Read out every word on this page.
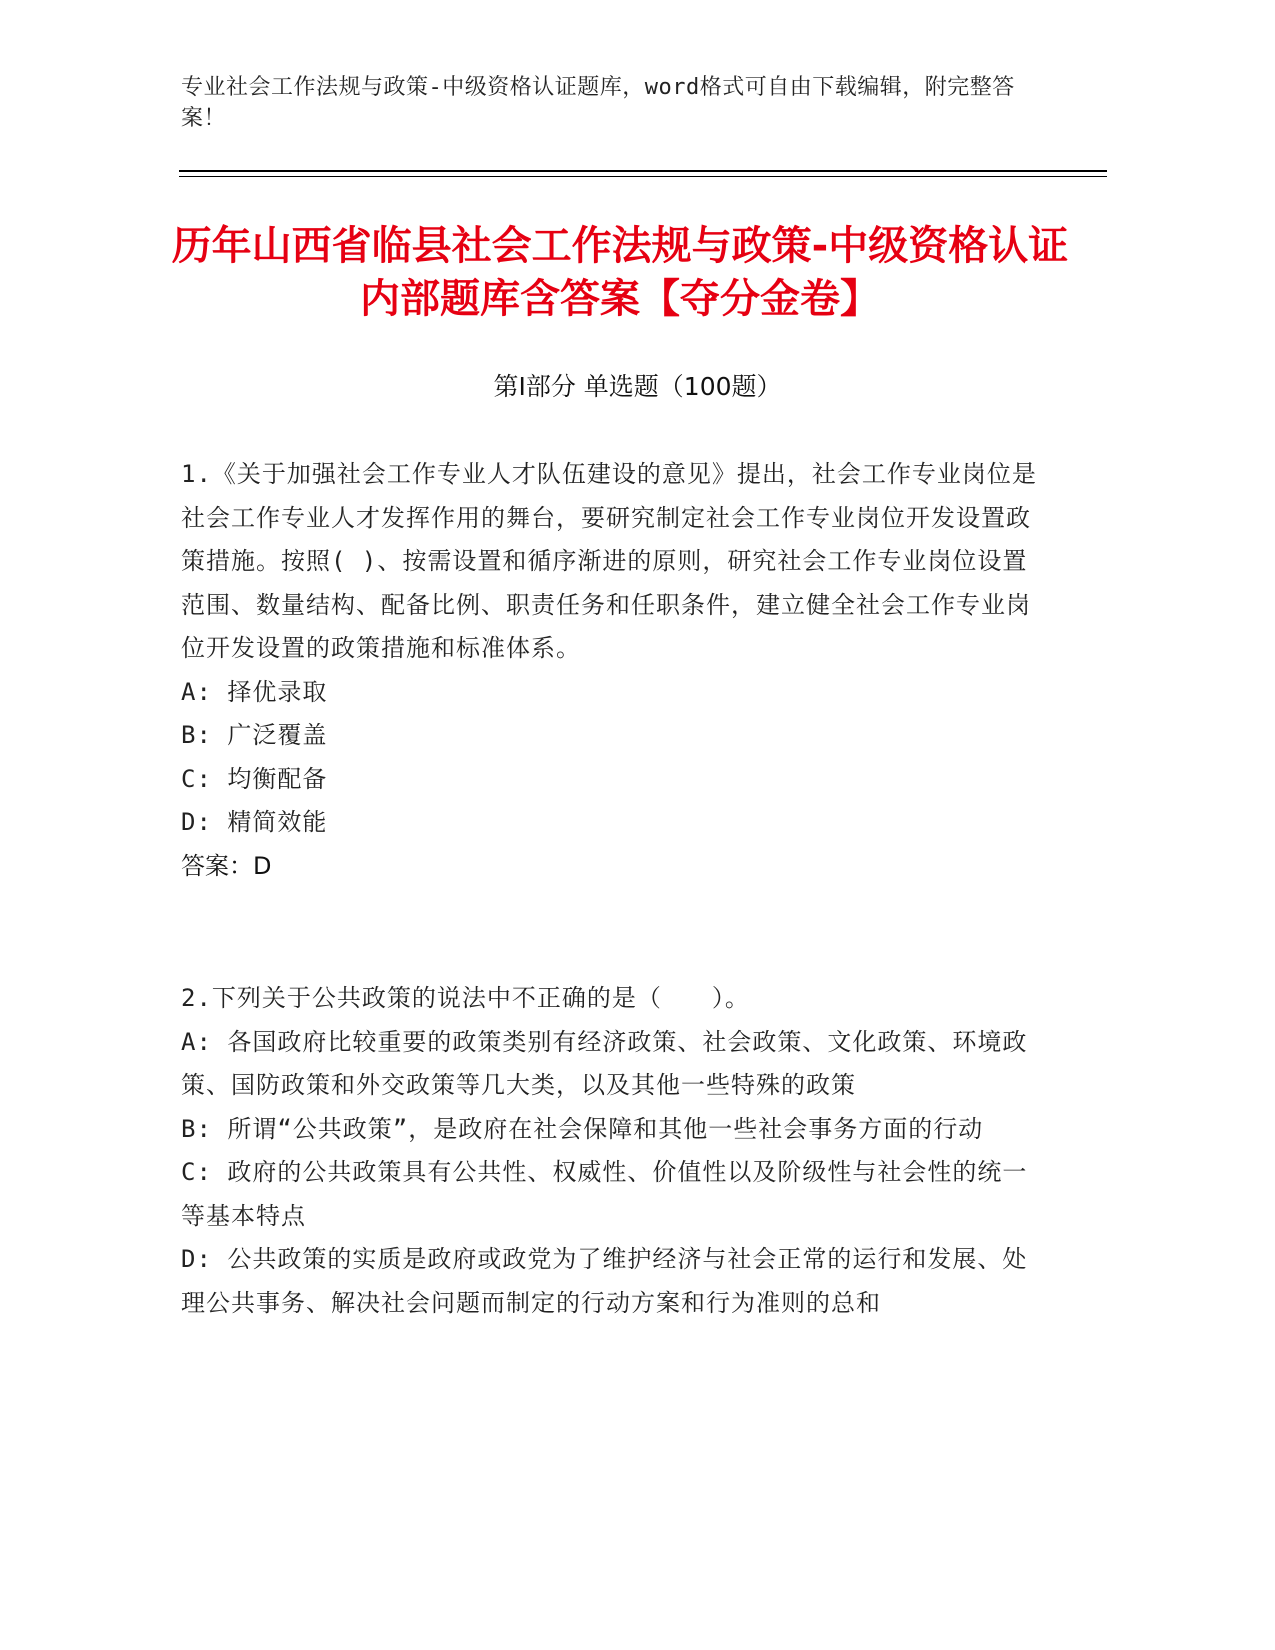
专业社会工作法规与政策-中级资格认证题库，word格式可自由下载编辑，附完整答案！
历年山西省临县社会工作法规与政策-中级资格认证内部题库含答案【夺分金卷】
第I部分 单选题（100题）
1.《关于加强社会工作专业人才队伍建设的意见》提出，社会工作专业岗位是社会工作专业人才发挥作用的舞台，要研究制定社会工作专业岗位开发设置政策措施。按照( )、按需设置和循序渐进的原则，研究社会工作专业岗位设置范围、数量结构、配备比例、职责任务和任职条件，建立健全社会工作专业岗位开发设置的政策措施和标准体系。
A: 择优录取
B: 广泛覆盖
C: 均衡配备
D: 精简效能
答案：D
2.下列关于公共政策的说法中不正确的是（　　）。
A: 各国政府比较重要的政策类别有经济政策、社会政策、文化政策、环境政策、国防政策和外交政策等几大类，以及其他一些特殊的政策
B: 所谓“公共政策”，是政府在社会保障和其他一些社会事务方面的行动
C: 政府的公共政策具有公共性、权威性、价值性以及阶级性与社会性的统一等基本特点
D: 公共政策的实质是政府或政党为了维护经济与社会正常的运行和发展、处理公共事务、解决社会问题而制定的行动方案和行为准则的总和
